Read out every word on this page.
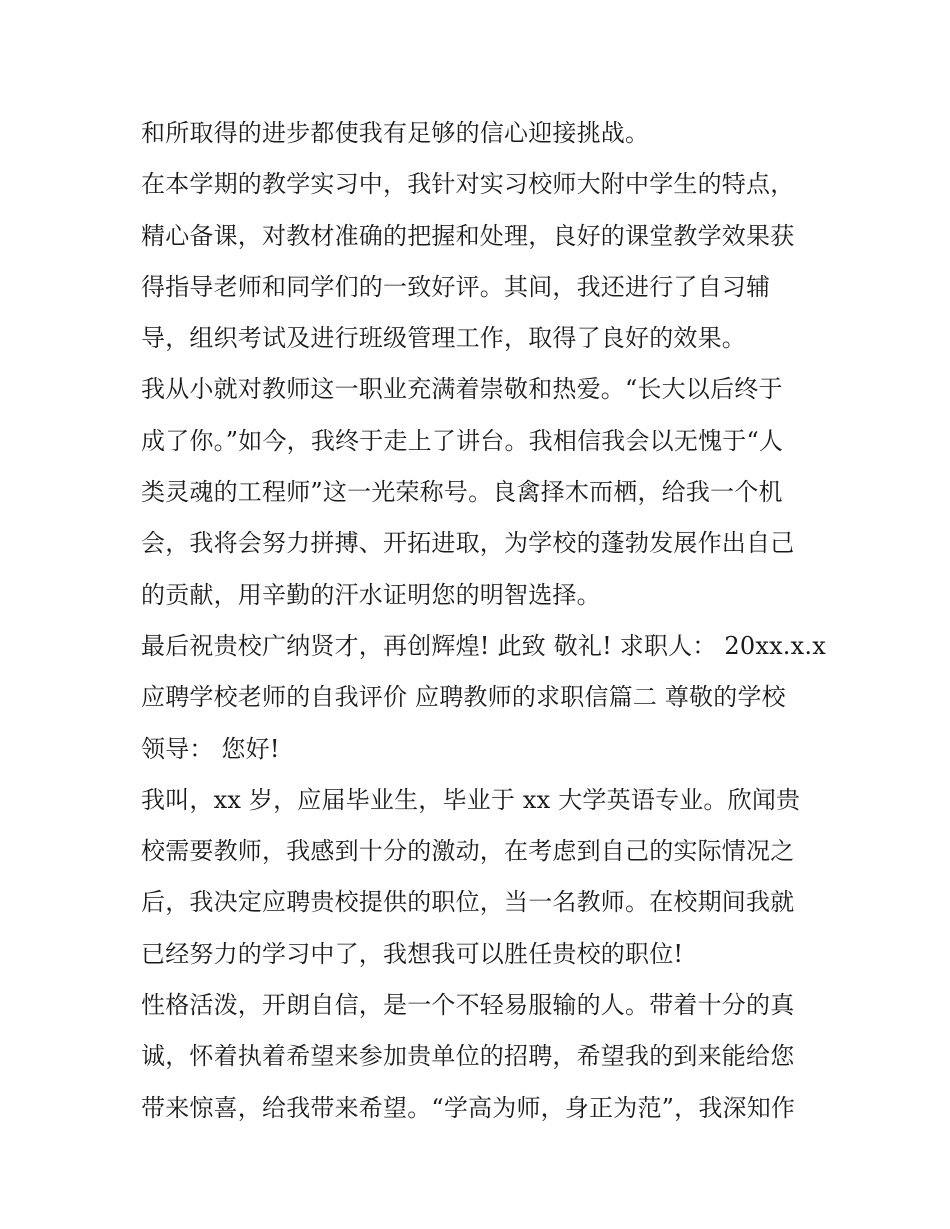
和所取得的进步都使我有足够的信心迎接挑战。
在本学期的教学实习中，我针对实习校师大附中学生的特点，
精心备课，对教材准确的把握和处理，良好的课堂教学效果获
得指导老师和同学们的一致好评。其间，我还进行了自习辅
导，组织考试及进行班级管理工作，取得了良好的效果。
我从小就对教师这一职业充满着崇敬和热爱。“长大以后终于
成了你。”如今，我终于走上了讲台。我相信我会以无愧于“人
类灵魂的工程师”这一光荣称号。良禽择木而栖，给我一个机
会，我将会努力拼搏、开拓进取，为学校的蓬勃发展作出自己
的贡献，用辛勤的汗水证明您的明智选择。
最后祝贵校广纳贤才，再创辉煌! 此致 敬礼! 求职人： 20xx.x.x
应聘学校老师的自我评价 应聘教师的求职信篇二 尊敬的学校
领导： 您好!
我叫，xx 岁，应届毕业生，毕业于 xx 大学英语专业。欣闻贵
校需要教师，我感到十分的激动，在考虑到自己的实际情况之
后，我决定应聘贵校提供的职位，当一名教师。在校期间我就
已经努力的学习中了，我想我可以胜任贵校的职位!
性格活泼，开朗自信，是一个不轻易服输的人。带着十分的真
诚，怀着执着希望来参加贵单位的招聘，希望我的到来能给您
带来惊喜，给我带来希望。“学高为师，身正为范”，我深知作
